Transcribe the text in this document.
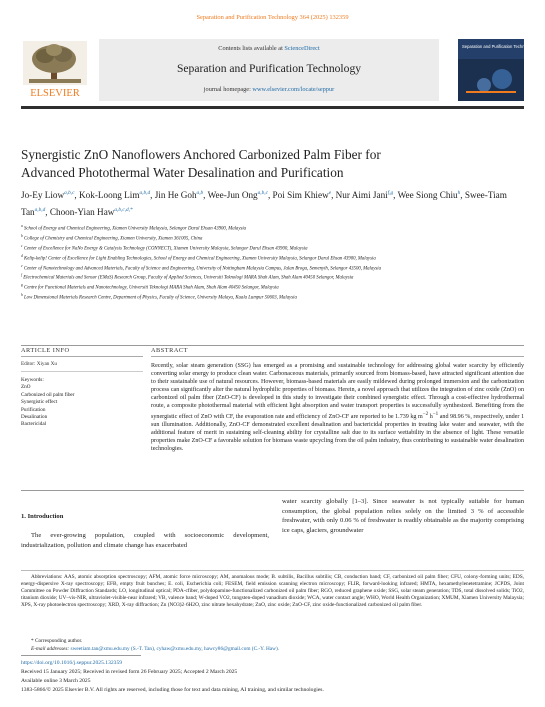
Separation and Purification Technology 364 (2025) 132359
ELSEVIER
Contents lists available at ScienceDirect
Separation and Purification Technology
journal homepage: www.elsevier.com/locate/seppur
Separation and Purification Technology
Synergistic ZnO Nanoflowers Anchored Carbonized Palm Fiber for
Advanced Photothermal Water Desalination and Purification
Jo-Ey Liow$^{a,b,c}$, Kok-Loong Lim$^{a,b,d}$, Jin He Goh$^{a,b}$, Wee-Jun Ong$^{a,b,c}$, Poi Sim Khiew$^e$, Nur Aimi Jani$^{f,g}$, Wee Siong Chiu$^h$, Swee-Tiam Tan$^{a,b,d}$, Choon-Yian Haw$^{a,b,c,d,*}$

$^a$ School of Energy and Chemical Engineering, Xiamen University Malaysia, Selangor Darul Ehsan 43900, Malaysia

$^b$ College of Chemistry and Chemical Engineering, Xiamen University, Xiamen 361005, China

$^c$ Center of Excellence for NaNo Energy & Catalysis Technology (CONNECT), Xiamen University Malaysia, Selangor Darul Ehsan 43900, Malaysia

$^d$ Kelip-kelip! Center of Excellence for Light Enabling Technologies, School of Energy and Chemical Engineering, Xiamen University Malaysia, Selangor Darul Ehsan 43900, Malaysia

$^e$ Center of Nanotechnology and Advanced Materials, Faculty of Science and Engineering, University of Nottingham Malaysia Campus, Jalan Broga, Semenyih, Selangor 43500, Malaysia

$^f$ Electrochemical Materials and Sensor (EMaS) Research Group, Faculty of Applied Sciences, Universiti Teknologi MARA Shah Alam, Shah Alam 40450 Selangor, Malaysia

$^g$ Centre for Functional Materials and Nanotechnology, Universiti Teknologi MARA Shah Alam, Shah Alam 40450 Selangor, Malaysia

$^h$ Low Dimensional Materials Research Centre, Department of Physics, Faculty of Science, University Malaya, Kuala Lumpur 50603, Malaysia

ARTICLE INFO	ABSTRACT
Editor: Xiyan Xu
Keywords:
ZnO
Carbonized oil palm fiber
Synergistic effect
Purification
Desalination
Bactericidal
Recently, solar steam generation (SSG) has emerged as a promising and sustainable technology for addressing global water scarcity by efficiently converting solar energy to produce clean water. Carbonaceous materials, primarily sourced from biomass-based, have attracted significant attention due to their sustainable use of natural resources. However, biomass-based materials are easily mildewed during prolonged immersion and the carbonization process can significantly alter the natural hydrophilic properties of biomass. Herein, a novel approach that utilizes the integration of zinc oxide (ZnO) on carbonized oil palm fiber (ZnO-CF) is developed in this study to investigate their combined synergistic effect. Through a cost-effective hydrothermal route, a composite photothermal material with efficient light absorption and water transport properties is successfully synthesized. Benefiting from the synergistic effect of ZnO with CF, the evaporation rate and efficiency of ZnO-CF are reported to be 1.739 kg $m^{-2}$ $h^{-1}$ and 98.96 %, respectively, under 1 sun illumination. Additionally, ZnO-CF demonstrated excellent desalination and bactericidal properties in treating lake water and seawater, with the additional feature of merit in sustaining self-cleaning ability for crystalline salt due to its surface wettability in the absence of light. These versatile properties make ZnO-CF a favorable solution for biomass waste upcycling from the oil palm industry, thus contributing to sustainable water desalination technologies.
1. Introduction
The ever-growing population, coupled with socioeconomic development, industrialization, pollution and climate change has exacerbated
water scarcity globally [1–3]. Since seawater is not typically suitable for human consumption, the global population relies solely on the limited 3 % of accessible freshwater, with only 0.06 % of freshwater is readily obtainable as the majority comprising ice caps, glaciers, groundwater
Abbreviations: AAS, atomic absorption spectroscopy; AFM, atomic force microscopy; AM, anomalous mode; B. subtilis, Bacillus subtilis; CB, conduction band; CF, carbonized oil palm fiber; CFU, colony-forming units; EDS, energy-dispersive X-ray spectroscopy; EFB, empty fruit bunches; E. coli, Escherichia coli; FESEM, field emission scanning electron microscopy; FLIR, forward-looking infrared; HMTA, hexamethylenetetramine; JCPDS, Joint Committee on Powder Diffraction Standards; LO, longitudinal optical; PDA-cfiber, polydopamine-functionalized carbonized oil palm fiber; RGO, reduced graphene oxide; SSG, solar steam generation; TDS, total dissolved solids; TiO2, titanium dioxide; UV–vis-NIR, ultraviolet-visible-near infrared; VB, valence band; W-doped VO2, tungsten-doped vanadium dioxide; WCA, water contact angle; WHO, World Health Organization; XMUM, Xiamen University Malaysia; XPS, X-ray photoelectron spectroscopy; XRD, X-ray diffraction; Zn (NO3)2·6H2O, zinc nitrate hexahydrate; ZnO, zinc oxide; ZnO-CF, zinc oxide-functionalized carbonized oil palm fiber.
* Corresponding author.
E-mail addresses: swеetiam.tan@xmu.edu.my (S.-T. Tan), cyhaw@xmu.edu.my, hawcy86@gmail.com (C.-Y. Haw).
https://doi.org/10.1016/j.seppur.2025.132359
Received 15 January 2025; Received in revised form 26 February 2025; Accepted 2 March 2025
Available online 3 March 2025
1383-5866/© 2025 Elsevier B.V. All rights are reserved, including those for text and data mining, AI training, and similar technologies.
